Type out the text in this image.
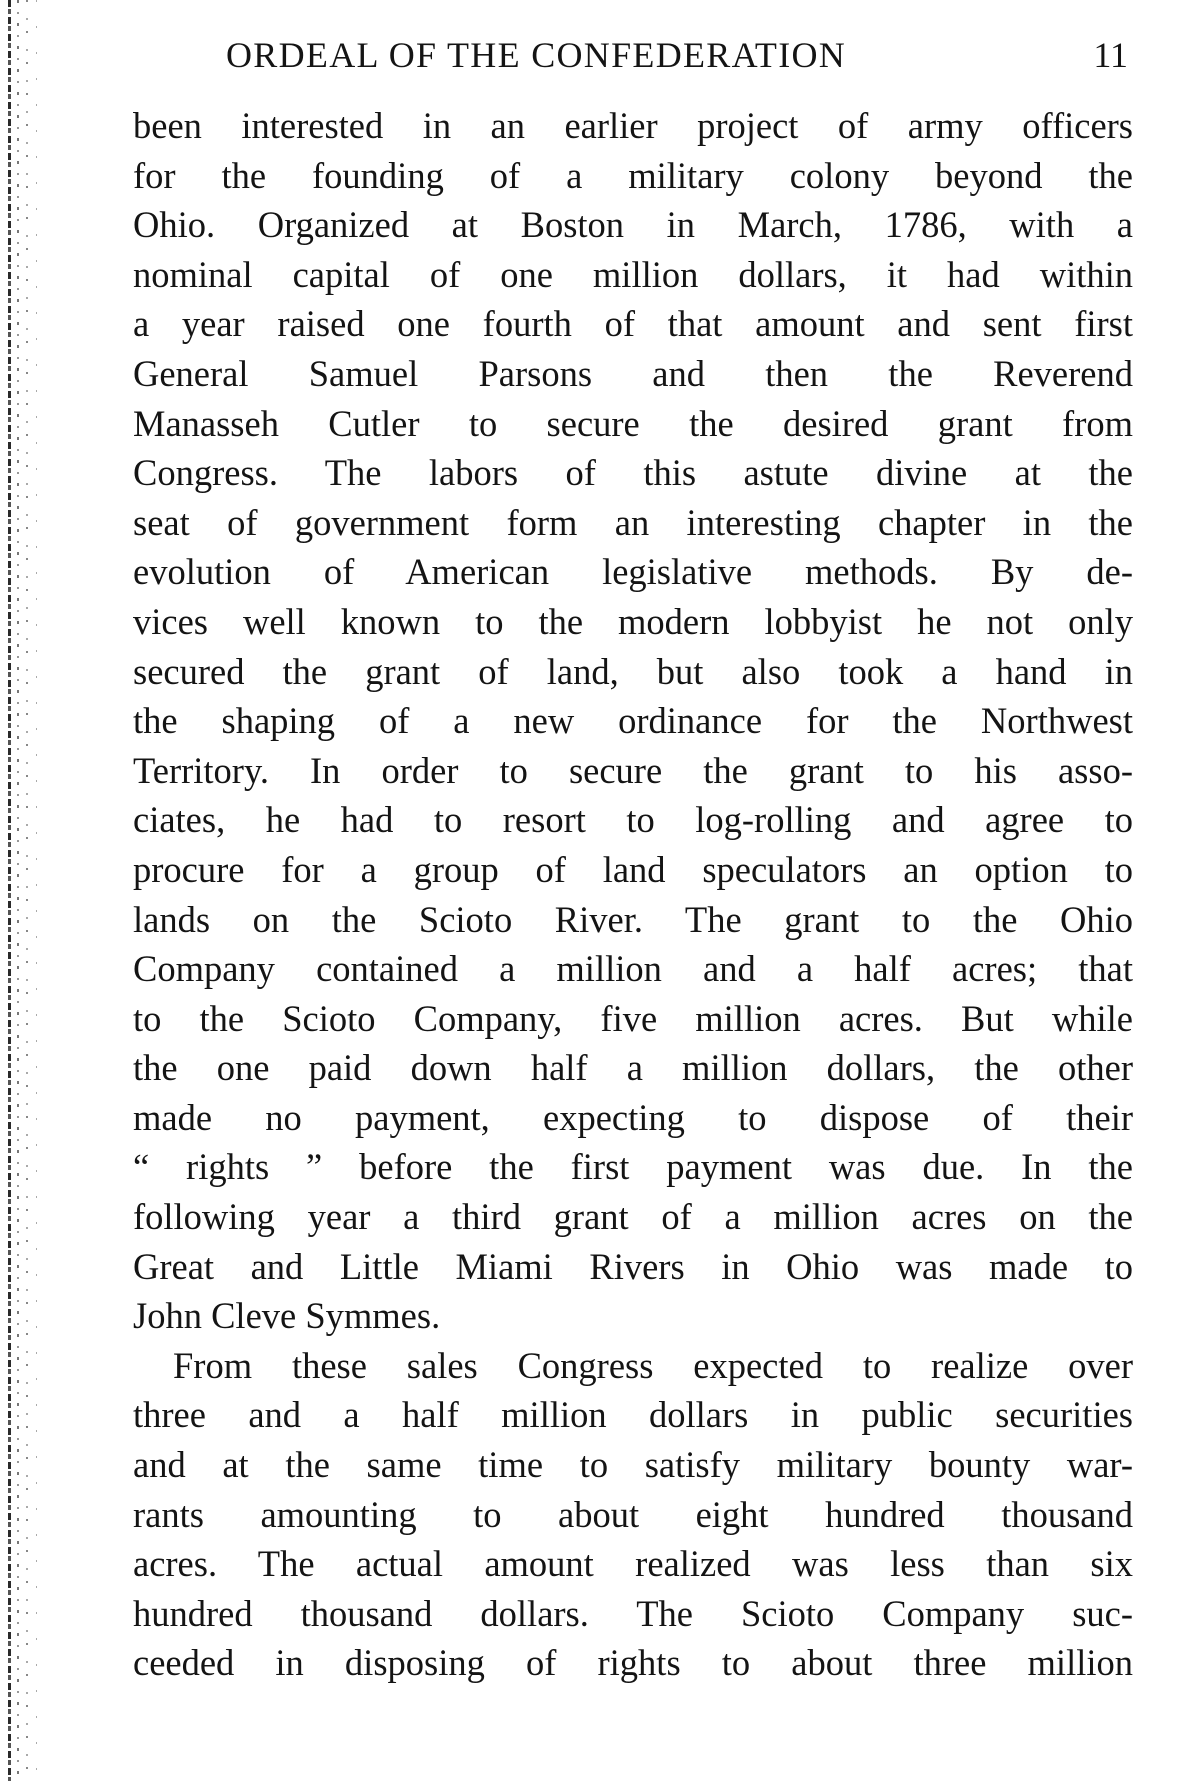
ORDEAL OF THE CONFEDERATION	11
been interested in an earlier project of army officers
for the founding of a military colony beyond the
Ohio. Organized at Boston in March, 1786, with a
nominal capital of one million dollars, it had within
a year raised one fourth of that amount and sent first
General Samuel Parsons and then the Reverend
Manasseh Cutler to secure the desired grant from
Congress. The labors of this astute divine at the
seat of government form an interesting chapter in the
evolution of American legislative methods. By de-
vices well known to the modern lobbyist he not only
secured the grant of land, but also took a hand in
the shaping of a new ordinance for the Northwest
Territory. In order to secure the grant to his asso-
ciates, he had to resort to log-rolling and agree to
procure for a group of land speculators an option to
lands on the Scioto River. The grant to the Ohio
Company contained a million and a half acres; that
to the Scioto Company, five million acres. But while
the one paid down half a million dollars, the other
made no payment, expecting to dispose of their
“ rights ” before the first payment was due. In the
following year a third grant of a million acres on the
Great and Little Miami Rivers in Ohio was made to
John Cleve Symmes.
From these sales Congress expected to realize over
three and a half million dollars in public securities
and at the same time to satisfy military bounty war-
rants amounting to about eight hundred thousand
acres. The actual amount realized was less than six
hundred thousand dollars. The Scioto Company suc-
ceeded in disposing of rights to about three million
